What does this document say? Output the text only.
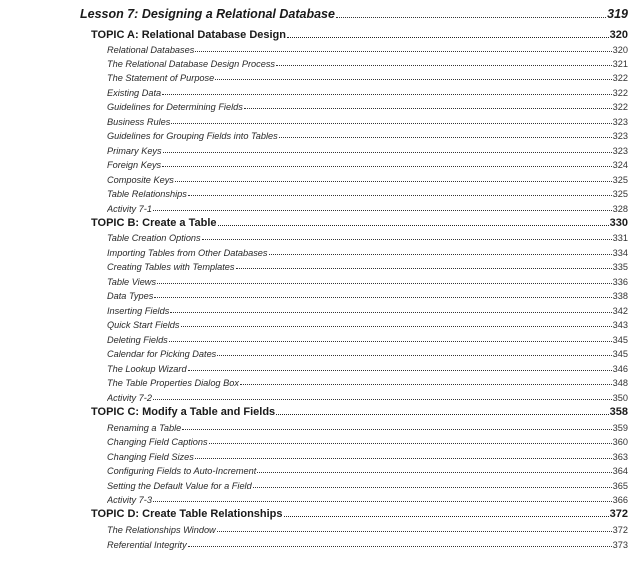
Lesson 7: Designing a Relational Database	319
TOPIC A: Relational Database Design	320
Relational Databases	320
The Relational Database Design Process	321
The Statement of Purpose	322
Existing Data	322
Guidelines for Determining Fields	322
Business Rules	323
Guidelines for Grouping Fields into Tables	323
Primary Keys	323
Foreign Keys	324
Composite Keys	325
Table Relationships	325
Activity 7-1	328
TOPIC B: Create a Table	330
Table Creation Options	331
Importing Tables from Other Databases	334
Creating Tables with Templates	335
Table Views	336
Data Types	338
Inserting Fields	342
Quick Start Fields	343
Deleting Fields	345
Calendar for Picking Dates	345
The Lookup Wizard	346
The Table Properties Dialog Box	348
Activity 7-2	350
TOPIC C: Modify a Table and Fields	358
Renaming a Table	359
Changing Field Captions	360
Changing Field Sizes	363
Configuring Fields to Auto-Increment	364
Setting the Default Value for a Field	365
Activity 7-3	366
TOPIC D: Create Table Relationships	372
The Relationships Window	372
Referential Integrity	373
